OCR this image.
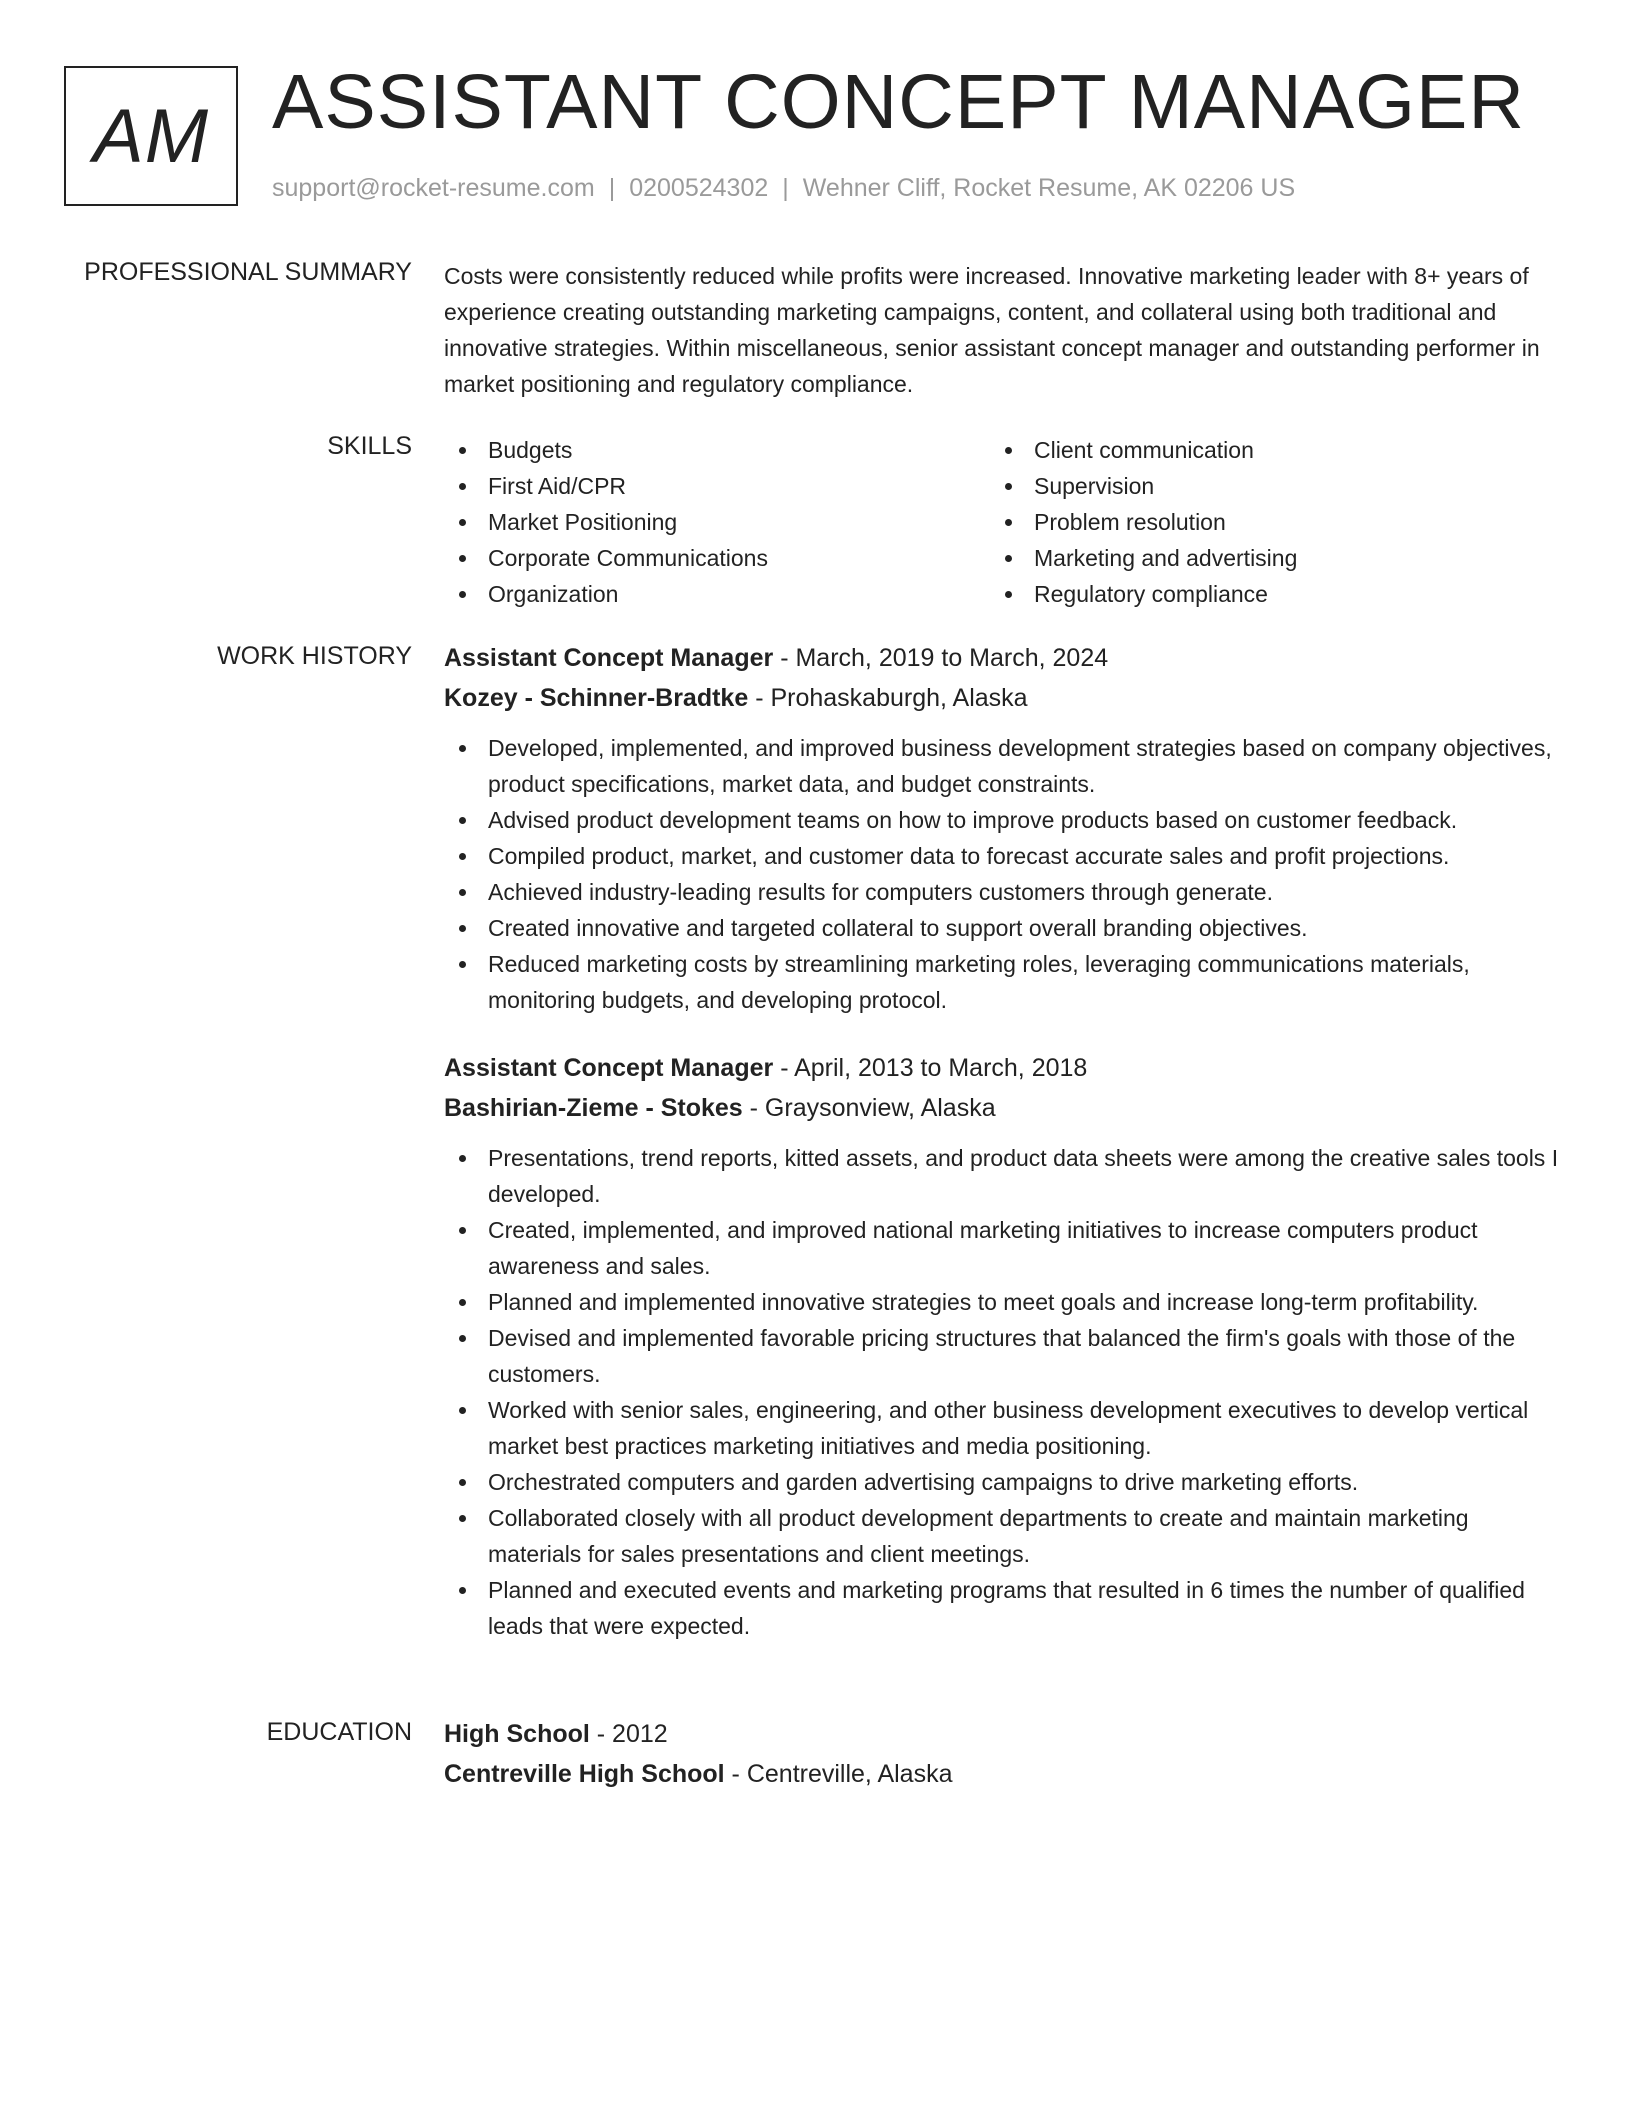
AM ASSISTANT CONCEPT MANAGER
support@rocket-resume.com | 0200524302 | Wehner Cliff, Rocket Resume, AK 02206 US
PROFESSIONAL SUMMARY Costs were consistently reduced while profits were increased. Innovative marketing leader with 8+ years of experience creating outstanding marketing campaigns, content, and collateral using both traditional and innovative strategies. Within miscellaneous, senior assistant concept manager and outstanding performer in market positioning and regulatory compliance.

SKILLS	Budgets
First Aid/CPR
Market Positioning
Corporate Communications
Organization
Client communication
Supervision
Problem resolution
Marketing and advertising
Regulatory compliance
WORK HISTORY Assistant Concept Manager - March, 2019 to March, 2024
Kozey - Schinner-Bradtke - Prohaskaburgh, Alaska
Developed, implemented, and improved business development strategies based on company objectives, product specifications, market data, and budget constraints.
Advised product development teams on how to improve products based on customer feedback.
Compiled product, market, and customer data to forecast accurate sales and profit projections.
Achieved industry-leading results for computers customers through generate.
Created innovative and targeted collateral to support overall branding objectives.
Reduced marketing costs by streamlining marketing roles, leveraging communications materials, monitoring budgets, and developing protocol.
Assistant Concept Manager - April, 2013 to March, 2018
Bashirian-Zieme - Stokes - Graysonview, Alaska
Presentations, trend reports, kitted assets, and product data sheets were among the creative sales tools I developed.
Created, implemented, and improved national marketing initiatives to increase computers product awareness and sales.
Planned and implemented innovative strategies to meet goals and increase long-term profitability.
Devised and implemented favorable pricing structures that balanced the firm's goals with those of the customers.
Worked with senior sales, engineering, and other business development executives to develop vertical market best practices marketing initiatives and media positioning.
Orchestrated computers and garden advertising campaigns to drive marketing efforts.
Collaborated closely with all product development departments to create and maintain marketing materials for sales presentations and client meetings.
Planned and executed events and marketing programs that resulted in 6 times the number of qualified leads that were expected.
EDUCATION High School - 2012
Centreville High School - Centreville, Alaska
